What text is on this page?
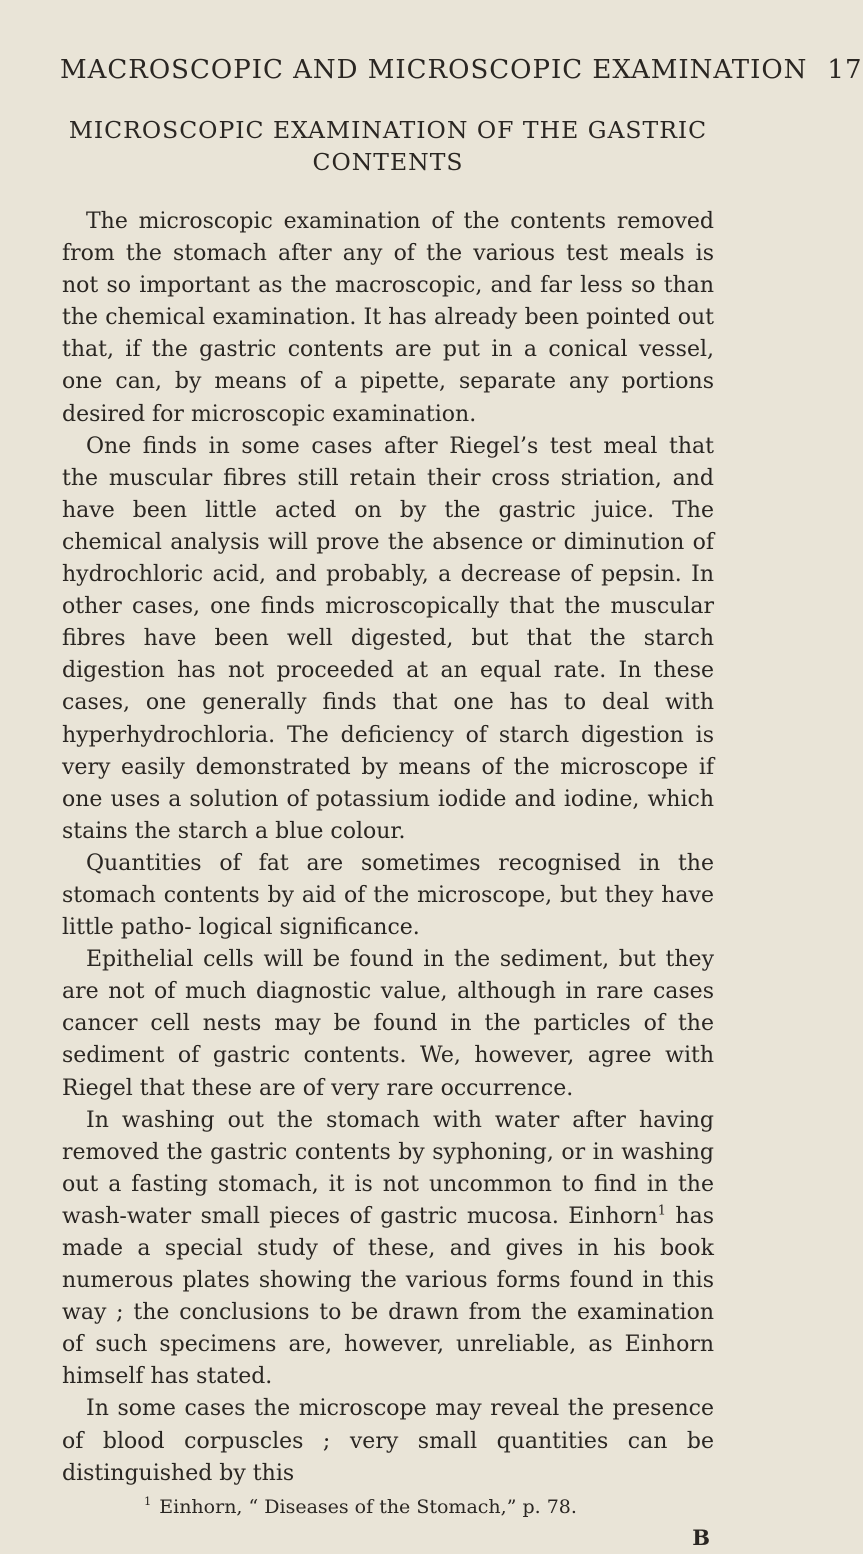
MACROSCOPIC AND MICROSCOPIC EXAMINATION 17
MICROSCOPIC EXAMINATION OF THE GASTRIC
CONTENTS

The microscopic examination of the contents removed from the stomach after any of the various test meals is not so important as the macroscopic, and far less so than the chemical examination. It has already been pointed out that, if the gastric contents are put in a conical vessel, one can, by means of a pipette, separate any portions desired for microscopic examination.

One finds in some cases after Riegel’s test meal that the muscular fibres still retain their cross striation, and have been little acted on by the gastric juice. The chemical analysis will prove the absence or diminution of hydrochloric acid, and probably, a decrease of pepsin. In other cases, one finds microscopically that the muscular fibres have been well digested, but that the starch digestion has not proceeded at an equal rate. In these cases, one generally finds that one has to deal with hyperhydrochloria. The deficiency of starch digestion is very easily demonstrated by means of the microscope if one uses a solution of potassium iodide and iodine, which stains the starch a blue colour.

Quantities of fat are sometimes recognised in the stomach contents by aid of the microscope, but they have little patho- logical significance.

Epithelial cells will be found in the sediment, but they are not of much diagnostic value, although in rare cases cancer cell nests may be found in the particles of the sediment of gastric contents. We, however, agree with Riegel that these are of very rare occurrence.

In washing out the stomach with water after having removed the gastric contents by syphoning, or in washing out a fasting stomach, it is not uncommon to find in the wash-water small pieces of gastric mucosa. Einhorn$^1$ has made a special study of these, and gives in his book numerous plates showing the various forms found in this way ; the conclusions to be drawn from the examination of such specimens are, however, unreliable, as Einhorn himself has stated.

In some cases the microscope may reveal the presence of blood corpuscles ; very small quantities can be distinguished by this

$^1$ Einhorn, “ Diseases of the Stomach,” p. 78.
B
